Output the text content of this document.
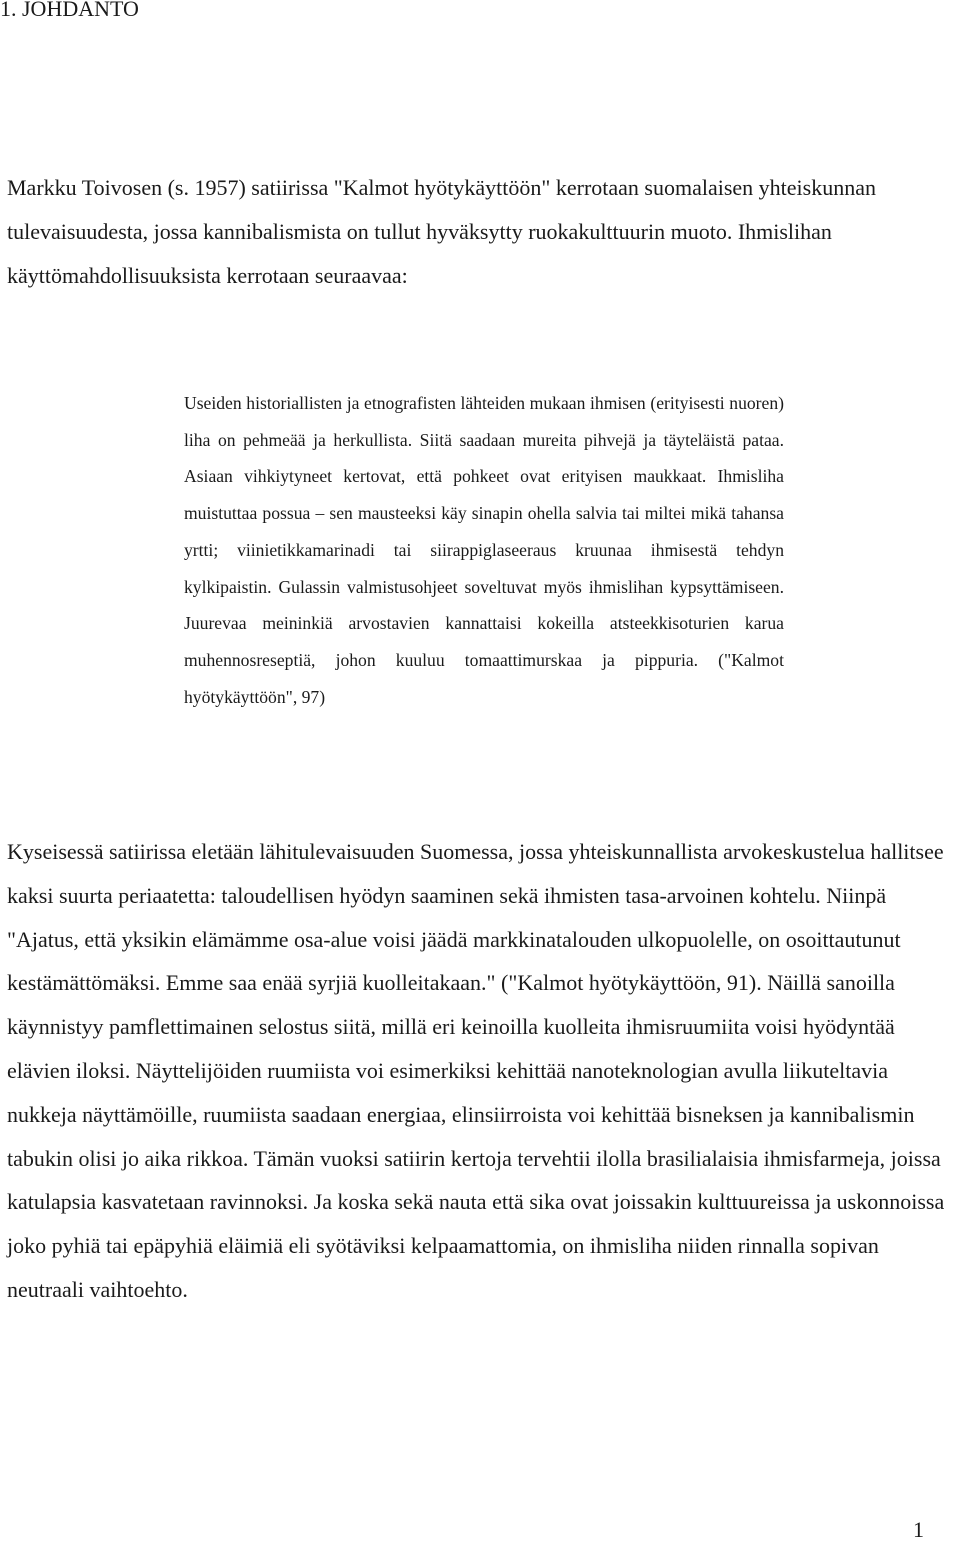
1. JOHDANTO

Markku Toivosen (s. 1957) satiirissa "Kalmot hyötykäyttöön" kerrotaan suomalaisen yhteiskunnan tulevaisuudesta, jossa kannibalismista on tullut hyväksytty ruokakulttuurin muoto. Ihmislihan käyttömahdollisuuksista kerrotaan seuraavaa:

Useiden historiallisten ja etnografisten lähteiden mukaan ihmisen (erityisesti nuoren) liha on pehmeää ja herkullista. Siitä saadaan mureita pihvejä ja täyteläistä pataa. Asiaan vihkiytyneet kertovat, että pohkeet ovat erityisen maukkaat. Ihmisliha muistuttaa possua – sen mausteeksi käy sinapin ohella salvia tai miltei mikä tahansa yrtti; viinietikkamarinadi tai siirappiglaseeraus kruunaa ihmisestä tehdyn kylkipaistin. Gulassin valmistusohjeet soveltuvat myös ihmislihan kypsyttämiseen. Juurevaa meininkiä arvostavien kannattaisi kokeilla atsteekkisoturien karua muhennosreseptiä, johon kuuluu tomaattimurskaa ja pippuria. ("Kalmot hyötykäyttöön", 97)

Kyseisessä satiirissa eletään lähitulevaisuuden Suomessa, jossa yhteiskunnallista arvokeskustelua hallitsee kaksi suurta periaatetta: taloudellisen hyödyn saaminen sekä ihmisten tasa-arvoinen kohtelu. Niinpä "Ajatus, että yksikin elämämme osa-alue voisi jäädä markkinatalouden ulkopuolelle, on osoittautunut kestämättömäksi. Emme saa enää syrjiä kuolleitakaan." ("Kalmot hyötykäyttöön, 91). Näillä sanoilla käynnistyy pamflettimainen selostus siitä, millä eri keinoilla kuolleita ihmisruumiita voisi hyödyntää elävien iloksi. Näyttelijöiden ruumiista voi esimerkiksi kehittää nanoteknologian avulla liikuteltavia nukkeja näyttämöille, ruumiista saadaan energiaa, elinsiirroista voi kehittää bisneksen ja kannibalismin tabukin olisi jo aika rikkoa. Tämän vuoksi satiirin kertoja tervehtii ilolla brasilialaisia ihmisfarmeja, joissa katulapsia kasvatetaan ravinnoksi. Ja koska sekä nauta että sika ovat joissakin kulttuureissa ja uskonnoissa joko pyhiä tai epäpyhiä eläimiä eli syötäviksi kelpaamattomia, on ihmisliha niiden rinnalla sopivan neutraali vaihtoehto.

1
